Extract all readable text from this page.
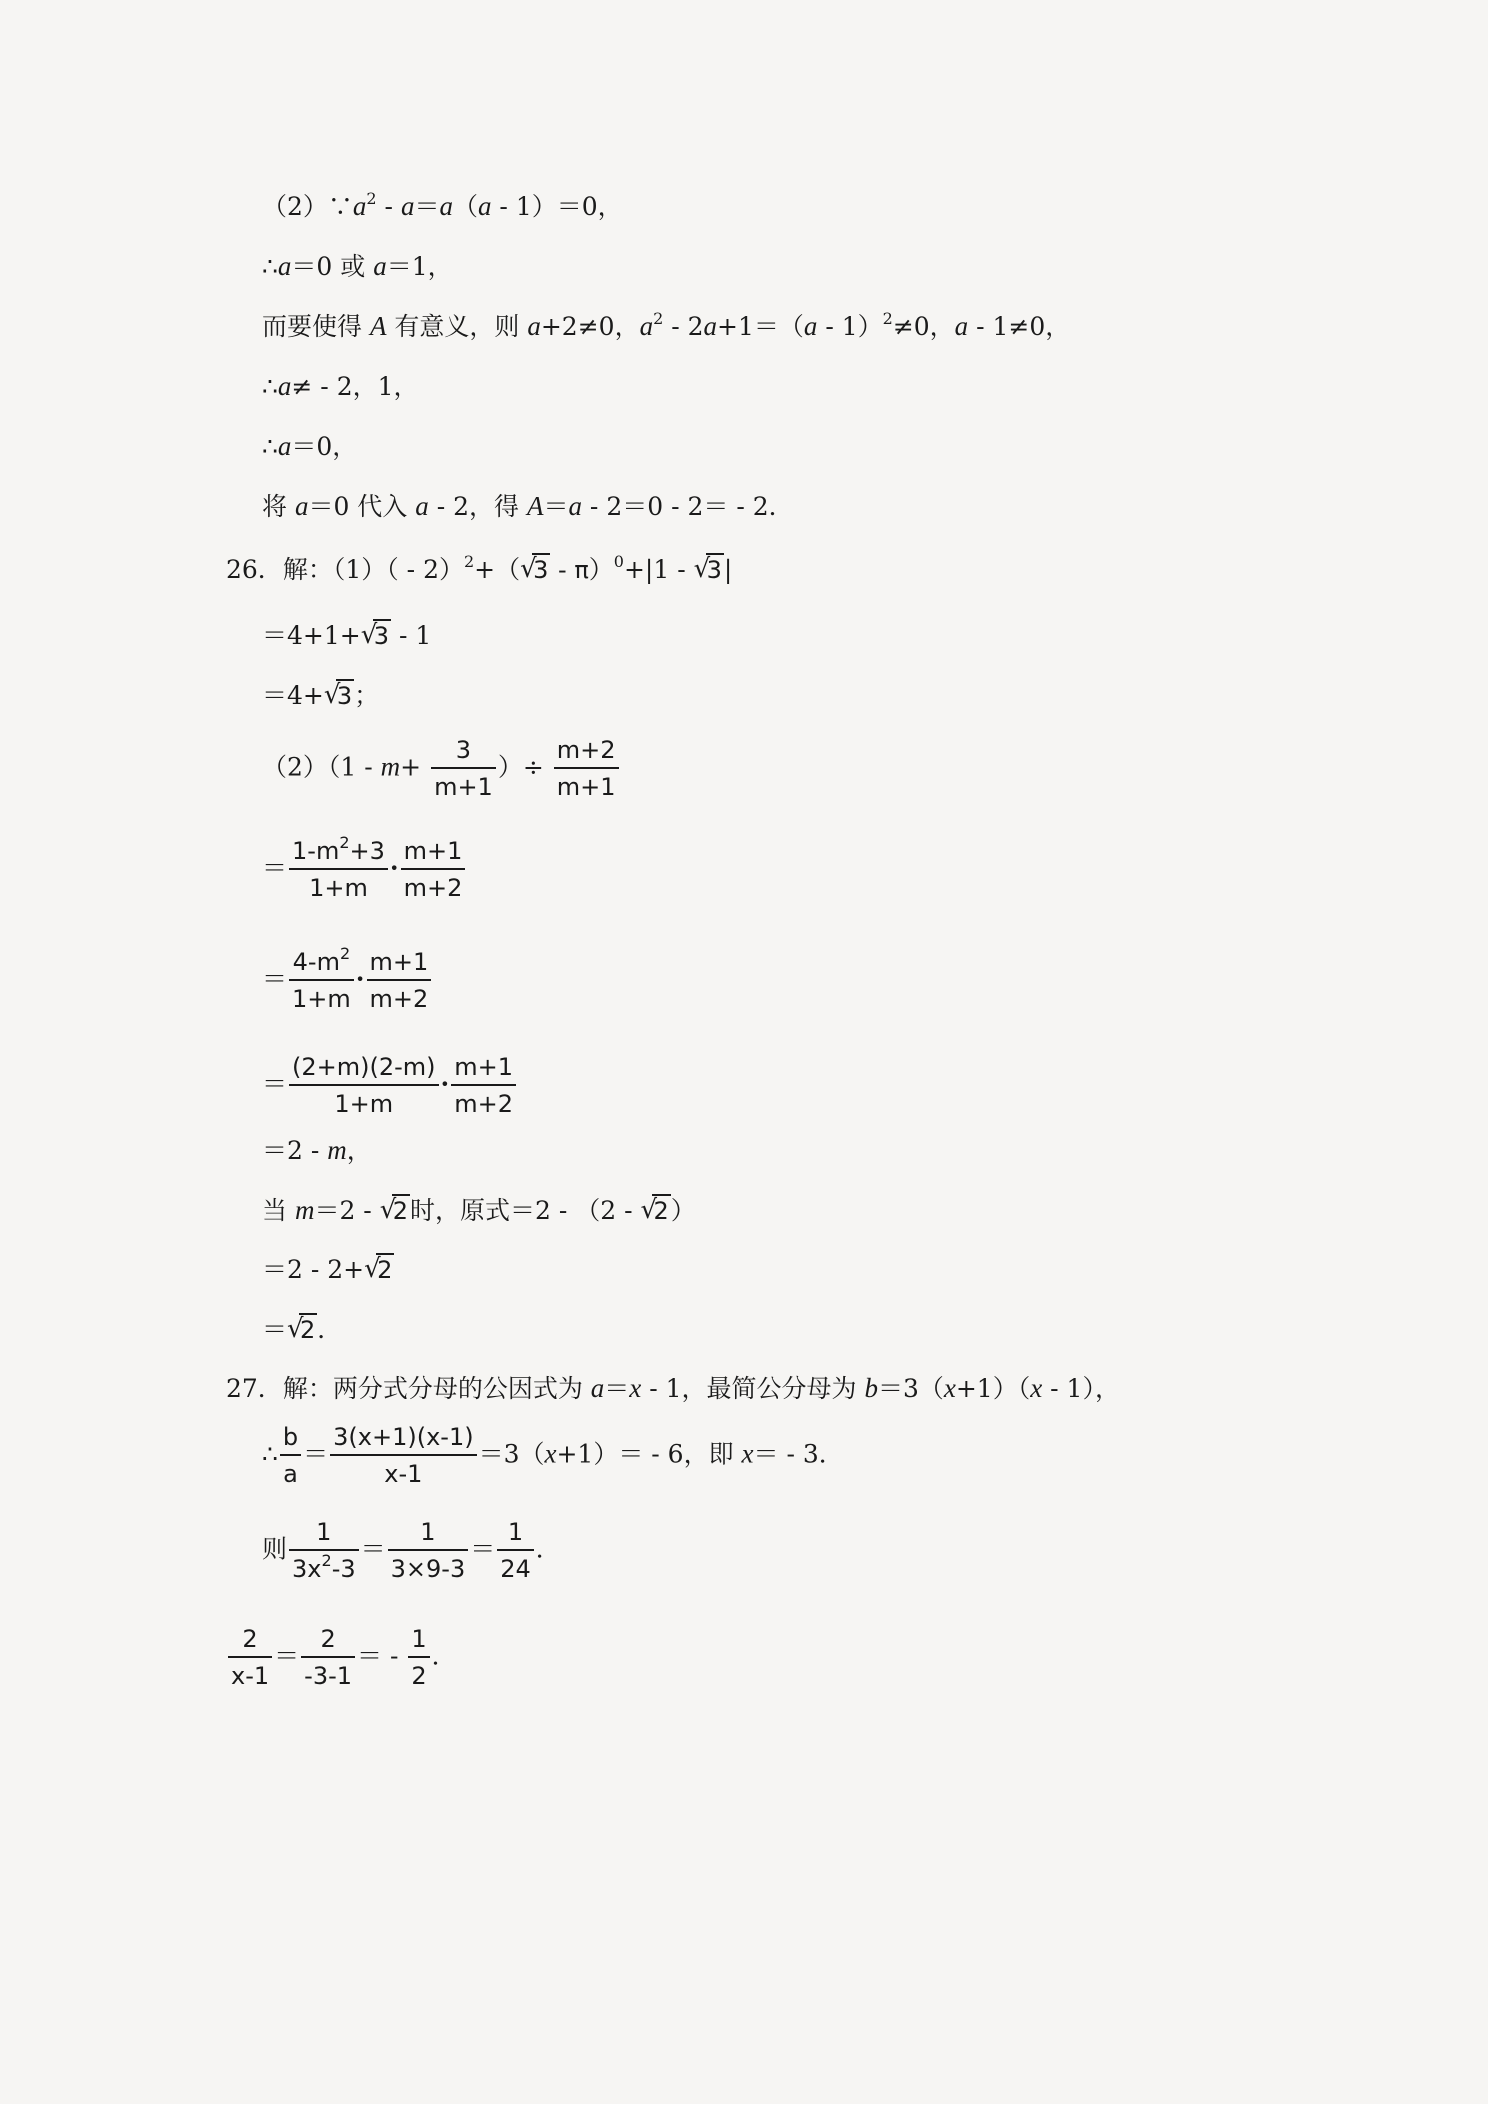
$(2)\because a^2 - a=a(a - 1)=0$，
∴a＝0 或 a＝1，
而要使得 A 有意义，则 a+2≠0，$a^2 - 2a+1=(a - 1)^2\ne 0$，a - 1≠0，
∴a≠ - 2，1，
∴a＝0，
将 a＝0 代入 a - 2，得 A＝a - 2＝0 - 2＝ - 2．
26．解：（1）（ - 2）$^2$+（ √
3 - π）$^0$+|1 - √
3|
＝4+1+ √
3 - 1
＝4+ √
3；
$(2)(1 - m+ \frac{3}{m+1}$ ）÷ $\frac{m+2}{m+1}$
＝ $\frac{1-m^2+3}{1+m} \cdot \frac{m+1}{m+2}$
＝ $\frac{4-m^2}{1+m} \cdot \frac{m+1}{m+2}$
＝ $\frac{(2+m)(2-m)}{1+m} \cdot \frac{m+1}{m+2}$
＝2 - m，
当 m＝2 - √
2时，原式＝2 - （2 - √
2）
＝2 - 2+ √
2
＝ √
2．
27．解：两分式分母的公因式为 a＝x - 1，最简公分母为 b＝3（x+1）（x - 1），
∴ $\frac{b}{a} = \frac{3(x+1)(x-1)}{x-1} =3(x+1)= - 6$，即 x＝ - 3．
则 $\frac{1}{3x^2-3} = \frac{1}{3\times 9-3} = \frac{1}{24}$ ．
$\frac{2}{x-1} = \frac{2}{-3-1}$ ＝ - $\frac{1}{2}$ ．
